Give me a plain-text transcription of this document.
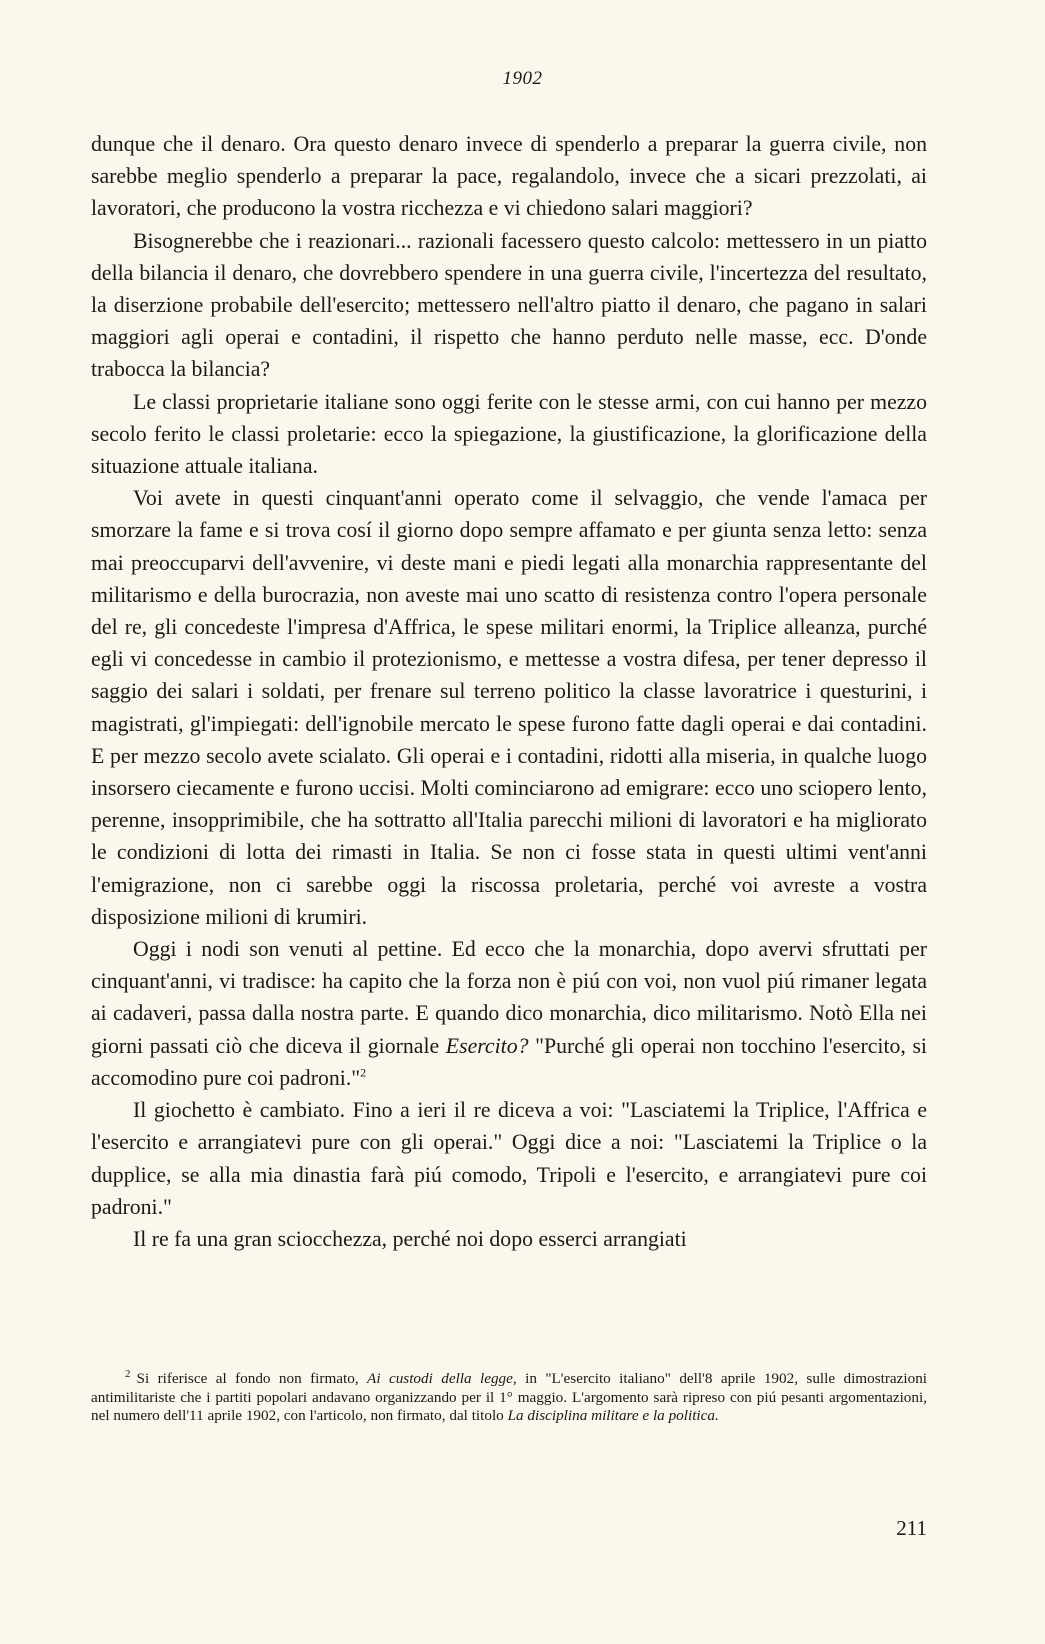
1902

dunque che il denaro. Ora questo denaro invece di spenderlo a preparar la guerra civile, non sarebbe meglio spenderlo a preparar la pace, regalandolo, invece che a sicari prezzolati, ai lavoratori, che producono la vostra ricchezza e vi chiedono salari maggiori?

Bisognerebbe che i reazionari... razionali facessero questo calcolo: mettessero in un piatto della bilancia il denaro, che dovrebbero spendere in una guerra civile, l'incertezza del resultato, la diserzione probabile dell'esercito; mettessero nell'altro piatto il denaro, che pagano in salari maggiori agli operai e contadini, il rispetto che hanno perduto nelle masse, ecc. D'onde trabocca la bilancia?

Le classi proprietarie italiane sono oggi ferite con le stesse armi, con cui hanno per mezzo secolo ferito le classi proletarie: ecco la spiegazione, la giustificazione, la glorificazione della situazione attuale italiana.

Voi avete in questi cinquant'anni operato come il selvaggio, che vende l'amaca per smorzare la fame e si trova cosí il giorno dopo sempre affamato e per giunta senza letto: senza mai preoccuparvi dell'avvenire, vi deste mani e piedi legati alla monarchia rappresentante del militarismo e della burocrazia, non aveste mai uno scatto di resistenza contro l'opera personale del re, gli concedeste l'impresa d'Affrica, le spese militari enormi, la Triplice alleanza, purché egli vi concedesse in cambio il protezionismo, e mettesse a vostra difesa, per tener depresso il saggio dei salari i soldati, per frenare sul terreno politico la classe lavoratrice i questurini, i magistrati, gl'impiegati: dell'ignobile mercato le spese furono fatte dagli operai e dai contadini. E per mezzo secolo avete scialato. Gli operai e i contadini, ridotti alla miseria, in qualche luogo insorsero ciecamente e furono uccisi. Molti cominciarono ad emigrare: ecco uno sciopero lento, perenne, insopprimibile, che ha sottratto all'Italia parecchi milioni di lavoratori e ha migliorato le condizioni di lotta dei rimasti in Italia. Se non ci fosse stata in questi ultimi vent'anni l'emigrazione, non ci sarebbe oggi la riscossa proletaria, perché voi avreste a vostra disposizione milioni di krumiri.

Oggi i nodi son venuti al pettine. Ed ecco che la monarchia, dopo avervi sfruttati per cinquant'anni, vi tradisce: ha capito che la forza non è piú con voi, non vuol piú rimaner legata ai cadaveri, passa dalla nostra parte. E quando dico monarchia, dico militarismo. Notò Ella nei giorni passati ciò che diceva il giornale Esercito? "Purché gli operai non tocchino l'esercito, si accomodino pure coi padroni."$^2$

Il giochetto è cambiato. Fino a ieri il re diceva a voi: "Lasciatemi la Triplice, l'Affrica e l'esercito e arrangiatevi pure con gli operai." Oggi dice a noi: "Lasciatemi la Triplice o la dupplice, se alla mia dinastia farà piú comodo, Tripoli e l'esercito, e arrangiatevi pure coi padroni."

Il re fa una gran sciocchezza, perché noi dopo esserci arrangiati

$^2$ Si riferisce al fondo non firmato, Ai custodi della legge, in "L'esercito italiano" dell'8 aprile 1902, sulle dimostrazioni antimilitariste che i partiti popolari andavano organizzando per il 1° maggio. L'argomento sarà ripreso con piú pesanti argomentazioni, nel numero dell'11 aprile 1902, con l'articolo, non firmato, dal titolo La disciplina militare e la politica.

211
